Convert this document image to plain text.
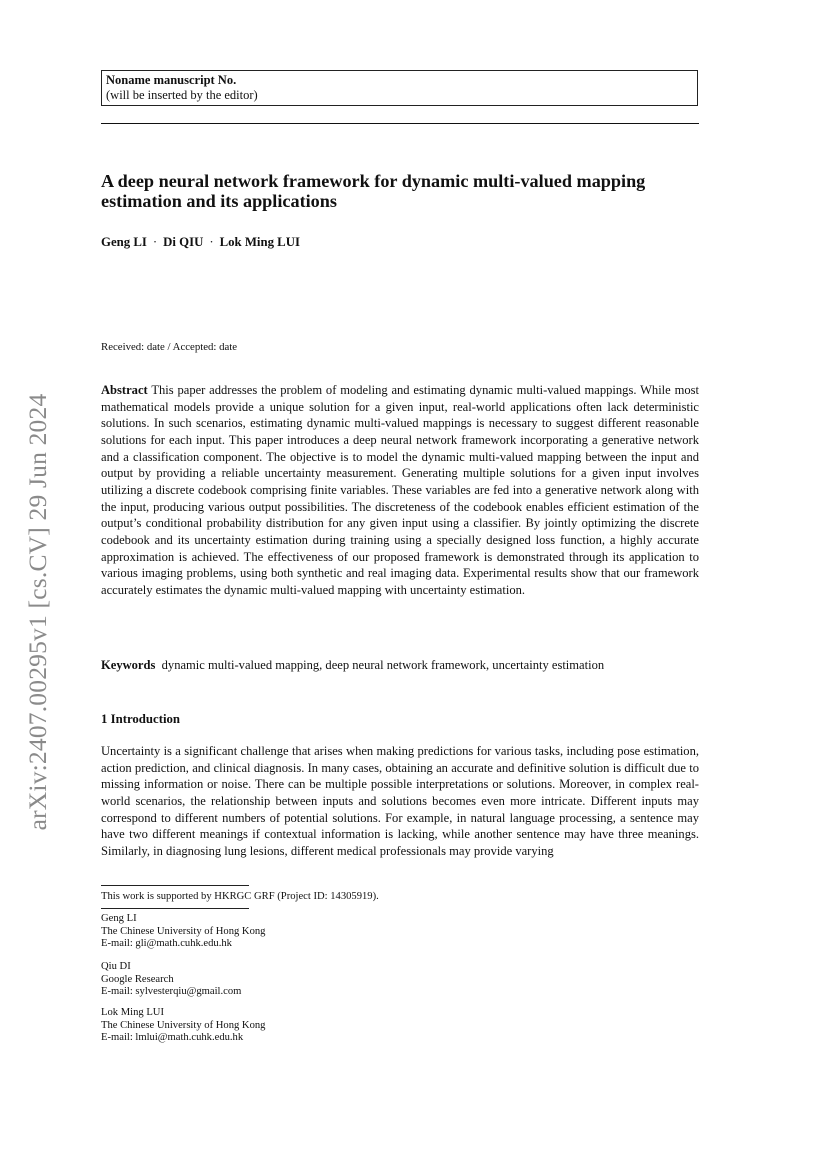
arXiv:2407.00295v1 [cs.CV] 29 Jun 2024
Noname manuscript No.
(will be inserted by the editor)
A deep neural network framework for dynamic multi-valued mapping estimation and its applications
Geng LI · Di QIU · Lok Ming LUI
Received: date / Accepted: date
Abstract This paper addresses the problem of modeling and estimating dynamic multi-valued mappings. While most mathematical models provide a unique solution for a given input, real-world applications often lack deterministic solutions. In such scenarios, estimating dynamic multi-valued mappings is necessary to suggest different reasonable solutions for each input. This paper introduces a deep neural network framework incorporating a generative network and a classification component. The objective is to model the dynamic multi-valued mapping between the input and output by providing a reliable uncertainty measurement. Generating multiple solutions for a given input involves utilizing a discrete codebook comprising finite variables. These variables are fed into a generative network along with the input, producing various output possibilities. The discreteness of the codebook enables efficient estimation of the output’s conditional probability distribution for any given input using a classifier. By jointly optimizing the discrete codebook and its uncertainty estimation during training using a specially designed loss function, a highly accurate approximation is achieved. The effectiveness of our proposed framework is demonstrated through its application to various imaging problems, using both synthetic and real imaging data. Experimental results show that our framework accurately estimates the dynamic multi-valued mapping with uncertainty estimation.
Keywords dynamic multi-valued mapping, deep neural network framework, uncertainty estimation
1 Introduction
Uncertainty is a significant challenge that arises when making predictions for various tasks, including pose estimation, action prediction, and clinical diagnosis. In many cases, obtaining an accurate and definitive solution is difficult due to missing information or noise. There can be multiple possible interpretations or solutions. Moreover, in complex real-world scenarios, the relationship between inputs and solutions becomes even more intricate. Different inputs may correspond to different numbers of potential solutions. For example, in natural language processing, a sentence may have two different meanings if contextual information is lacking, while another sentence may have three meanings. Similarly, in diagnosing lung lesions, different medical professionals may provide varying
This work is supported by HKRGC GRF (Project ID: 14305919).
Geng LI
The Chinese University of Hong Kong
E-mail: gli@math.cuhk.edu.hk
Qiu DI
Google Research
E-mail: sylvesterqiu@gmail.com
Lok Ming LUI
The Chinese University of Hong Kong
E-mail: lmlui@math.cuhk.edu.hk
